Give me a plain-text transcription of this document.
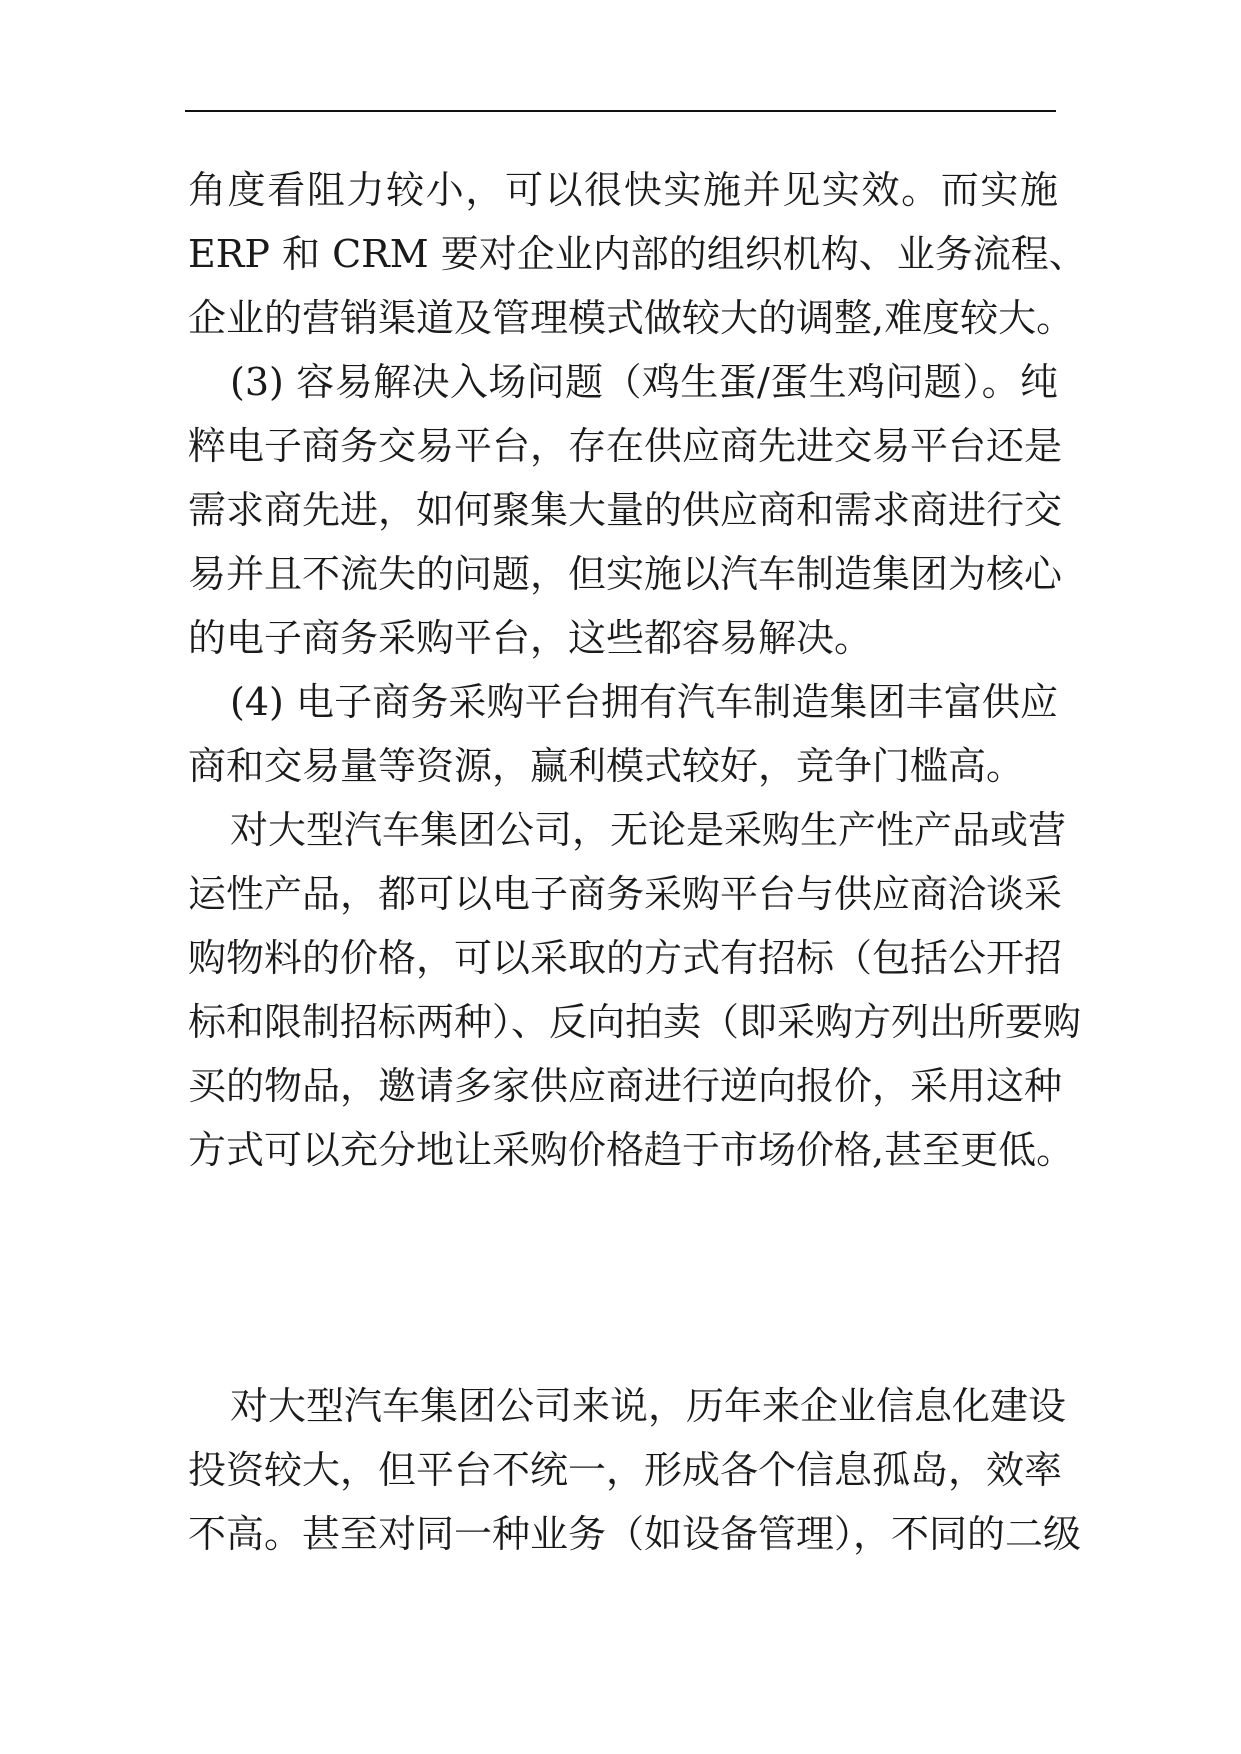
角度看阻力较小，可以很快实施并见实效。而实施
ERP 和 CRM 要对企业内部的组织机构、业务流程、
企业的营销渠道及管理模式做较大的调整,难度较大。
(3) 容易解决入场问题（鸡生蛋/蛋生鸡问题）。纯
粹电子商务交易平台，存在供应商先进交易平台还是
需求商先进，如何聚集大量的供应商和需求商进行交
易并且不流失的问题，但实施以汽车制造集团为核心
的电子商务采购平台，这些都容易解决。
(4) 电子商务采购平台拥有汽车制造集团丰富供应
商和交易量等资源，赢利模式较好，竞争门槛高。
对大型汽车集团公司，无论是采购生产性产品或营
运性产品，都可以电子商务采购平台与供应商洽谈采
购物料的价格，可以采取的方式有招标（包括公开招
标和限制招标两种）、反向拍卖（即采购方列出所要购
买的物品，邀请多家供应商进行逆向报价，采用这种
方式可以充分地让采购价格趋于市场价格,甚至更低。
对大型汽车集团公司来说，历年来企业信息化建设
投资较大，但平台不统一，形成各个信息孤岛，效率
不高。甚至对同一种业务（如设备管理），不同的二级
